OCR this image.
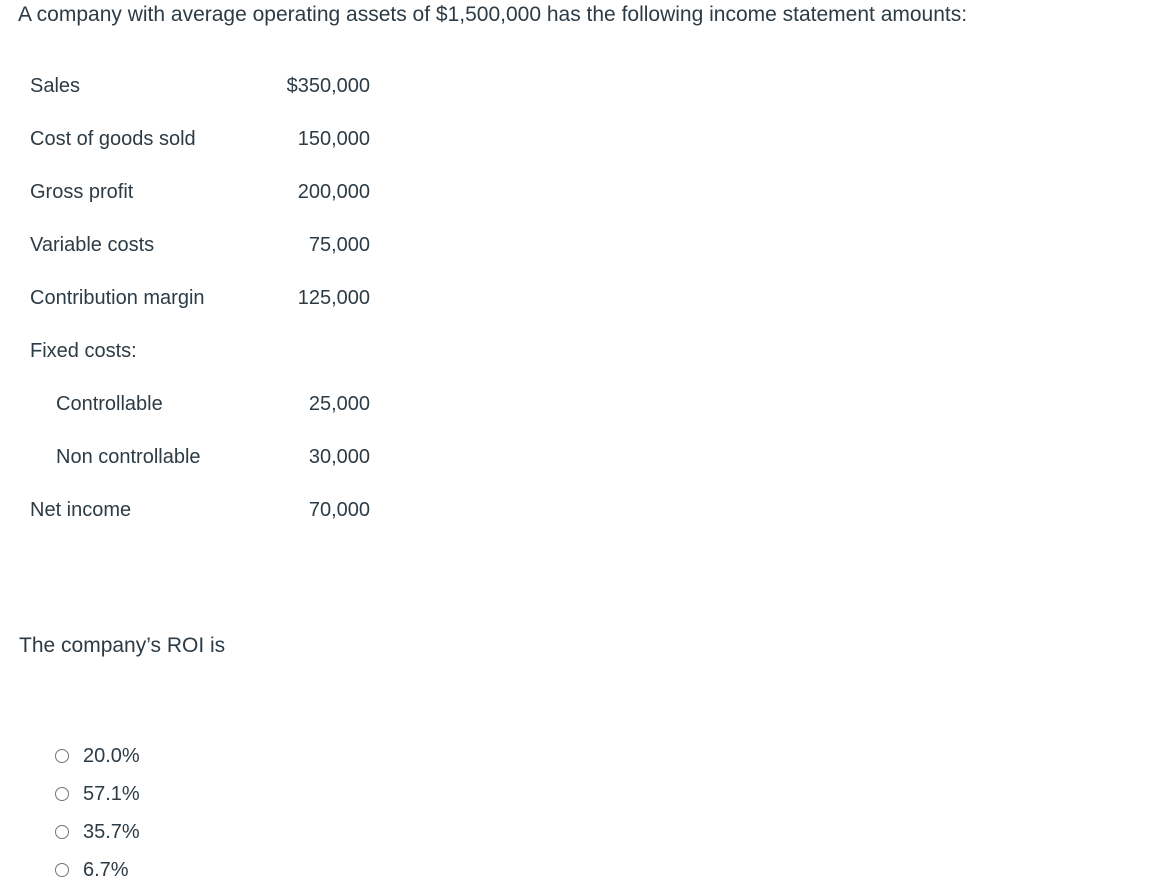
A company with average operating assets of $1,500,000 has the following income statement amounts:
Sales	$350,000
Cost of goods sold	150,000
Gross profit	200,000
Variable costs	75,000
Contribution margin	125,000
Fixed costs:
Controllable	25,000
Non controllable	30,000
Net income	70,000
The company’s ROI is
20.0%
57.1%
35.7%
6.7%
